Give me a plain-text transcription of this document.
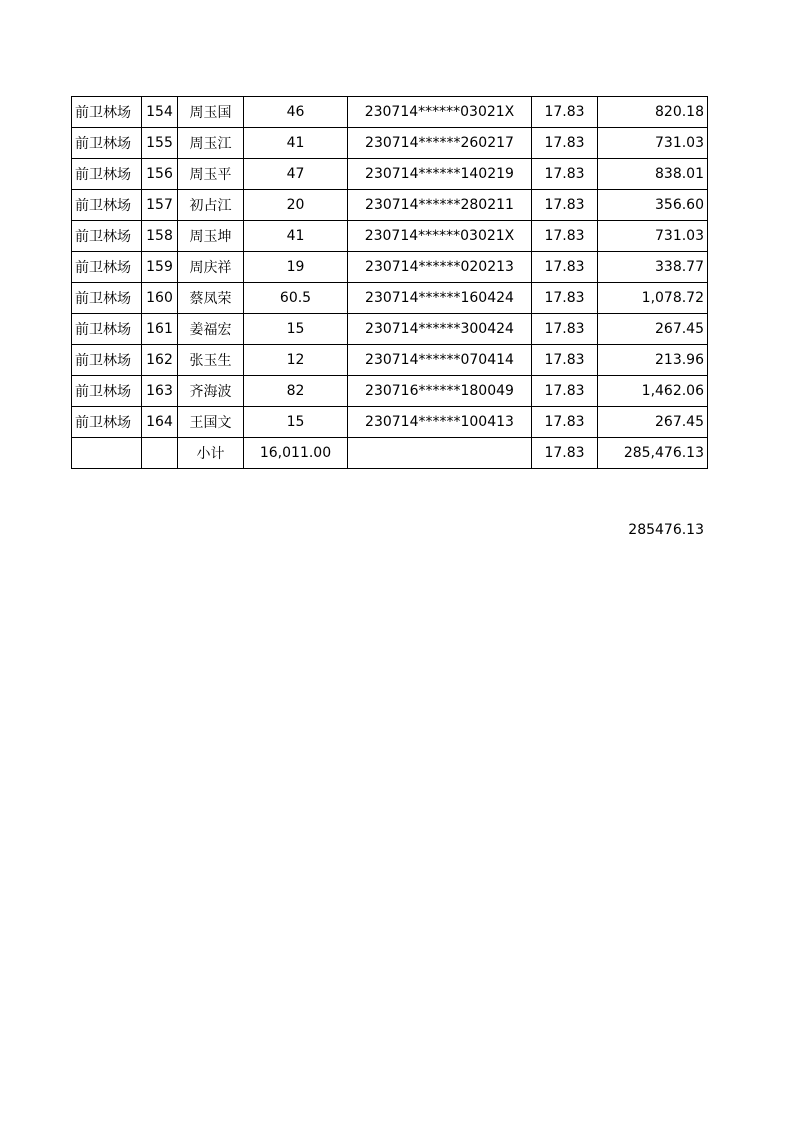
前卫林场	154	周玉国	46	230714******03021X	17.83	820.18
前卫林场	155	周玉江	41	230714******260217	17.83	731.03
前卫林场	156	周玉平	47	230714******140219	17.83	838.01
前卫林场	157	初占江	20	230714******280211	17.83	356.60
前卫林场	158	周玉坤	41	230714******03021X	17.83	731.03
前卫林场	159	周庆祥	19	230714******020213	17.83	338.77
前卫林场	160	蔡凤荣	60.5	230714******160424	17.83	1,078.72
前卫林场	161	姜福宏	15	230714******300424	17.83	267.45
前卫林场	162	张玉生	12	230714******070414	17.83	213.96
前卫林场	163	齐海波	82	230716******180049	17.83	1,462.06
前卫林场	164	王国文	15	230714******100413	17.83	267.45
		小计	16,011.00		17.83	285,476.13
285476.13
